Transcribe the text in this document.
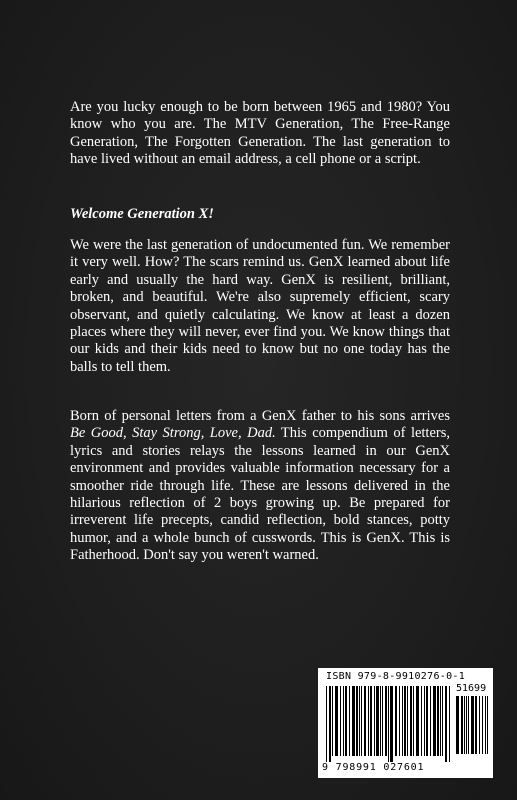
Are you lucky enough to be born between 1965 and 1980? You know who you are. The MTV Generation, The Free-Range Generation, The Forgotten Generation. The last generation to have lived without an email address, a cell phone or a script.

Welcome Generation X!

We were the last generation of undocumented fun. We remember it very well. How? The scars remind us. GenX learned about life early and usually the hard way. GenX is resilient, brilliant, broken, and beautiful. We're also supremely efficient, scary observant, and quietly calculating. We know at least a dozen places where they will never, ever find you. We know things that our kids and their kids need to know but no one today has the balls to tell them.

Born of personal letters from a GenX father to his sons arrives Be Good, Stay Strong, Love, Dad. This compendium of letters, lyrics and stories relays the lessons learned in our GenX environment and provides valuable information necessary for a smoother ride through life. These are lessons delivered in the hilarious reflection of 2 boys growing up. Be prepared for irreverent life precepts, candid reflection, bold stances, potty humor, and a whole bunch of cusswords. This is GenX. This is Fatherhood. Don't say you weren't warned.

ISBN 979-8-9910276-0-1
51699
9 798991 027601
